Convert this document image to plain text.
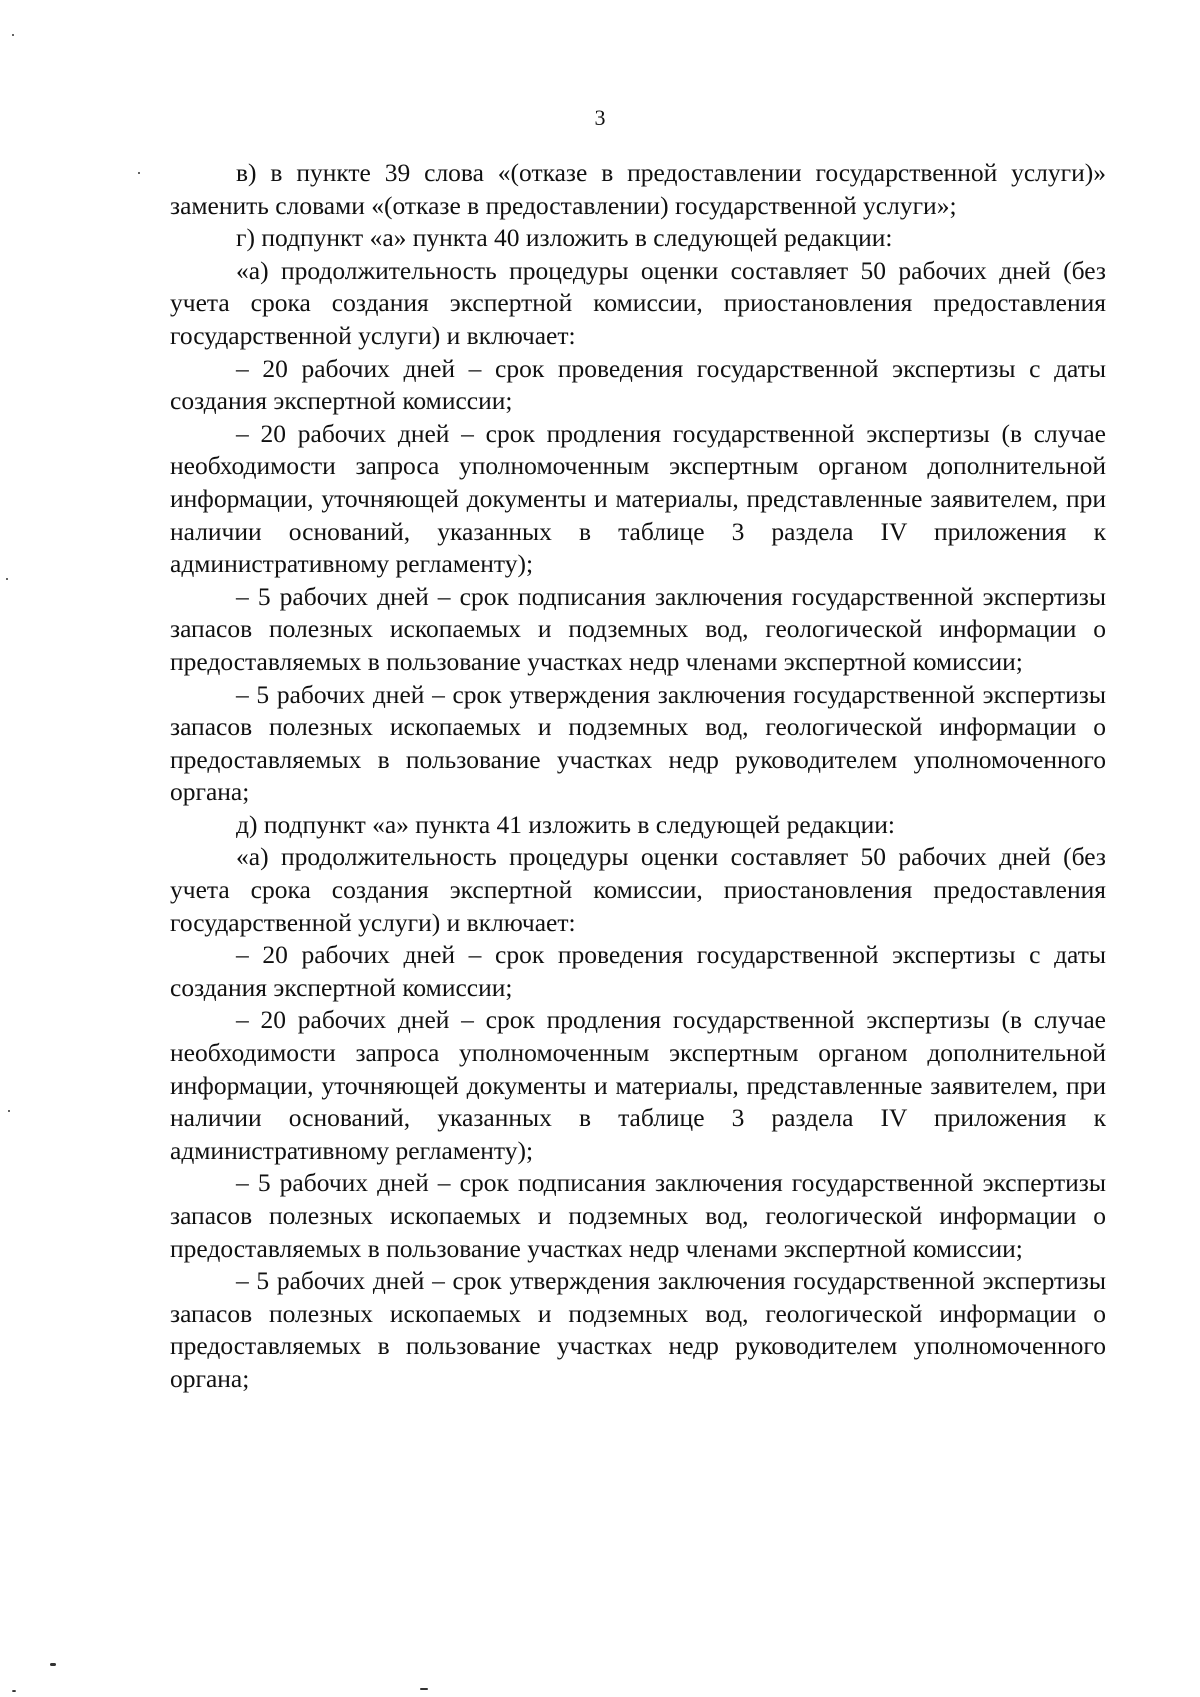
3

в) в пункте 39 слова «(отказе в предоставлении государственной услуги)» заменить словами «(отказе в предоставлении) государственной услуги»;

г) подпункт «а» пункта 40 изложить в следующей редакции:

«а) продолжительность процедуры оценки составляет 50 рабочих дней (без учета срока создания экспертной комиссии, приостановления предоставления государственной услуги) и включает:

– 20 рабочих дней – срок проведения государственной экспертизы с даты создания экспертной комиссии;

– 20 рабочих дней – срок продления государственной экспертизы (в случае необходимости запроса уполномоченным экспертным органом дополнительной информации, уточняющей документы и материалы, представленные заявителем, при наличии оснований, указанных в таблице 3 раздела IV приложения к административному регламенту);

– 5 рабочих дней – срок подписания заключения государственной экспертизы запасов полезных ископаемых и подземных вод, геологической информации о предоставляемых в пользование участках недр членами экспертной комиссии;

– 5 рабочих дней – срок утверждения заключения государственной экспертизы запасов полезных ископаемых и подземных вод, геологической информации о предоставляемых в пользование участках недр руководителем уполномоченного органа;

д) подпункт «а» пункта 41 изложить в следующей редакции:

«а) продолжительность процедуры оценки составляет 50 рабочих дней (без учета срока создания экспертной комиссии, приостановления предоставления государственной услуги) и включает:

– 20 рабочих дней – срок проведения государственной экспертизы с даты создания экспертной комиссии;

– 20 рабочих дней – срок продления государственной экспертизы (в случае необходимости запроса уполномоченным экспертным органом дополнительной информации, уточняющей документы и материалы, представленные заявителем, при наличии оснований, указанных в таблице 3 раздела IV приложения к административному регламенту);

– 5 рабочих дней – срок подписания заключения государственной экспертизы запасов полезных ископаемых и подземных вод, геологической информации о предоставляемых в пользование участках недр членами экспертной комиссии;

– 5 рабочих дней – срок утверждения заключения государственной экспертизы запасов полезных ископаемых и подземных вод, геологической информации о предоставляемых в пользование участках недр руководителем уполномоченного органа;
